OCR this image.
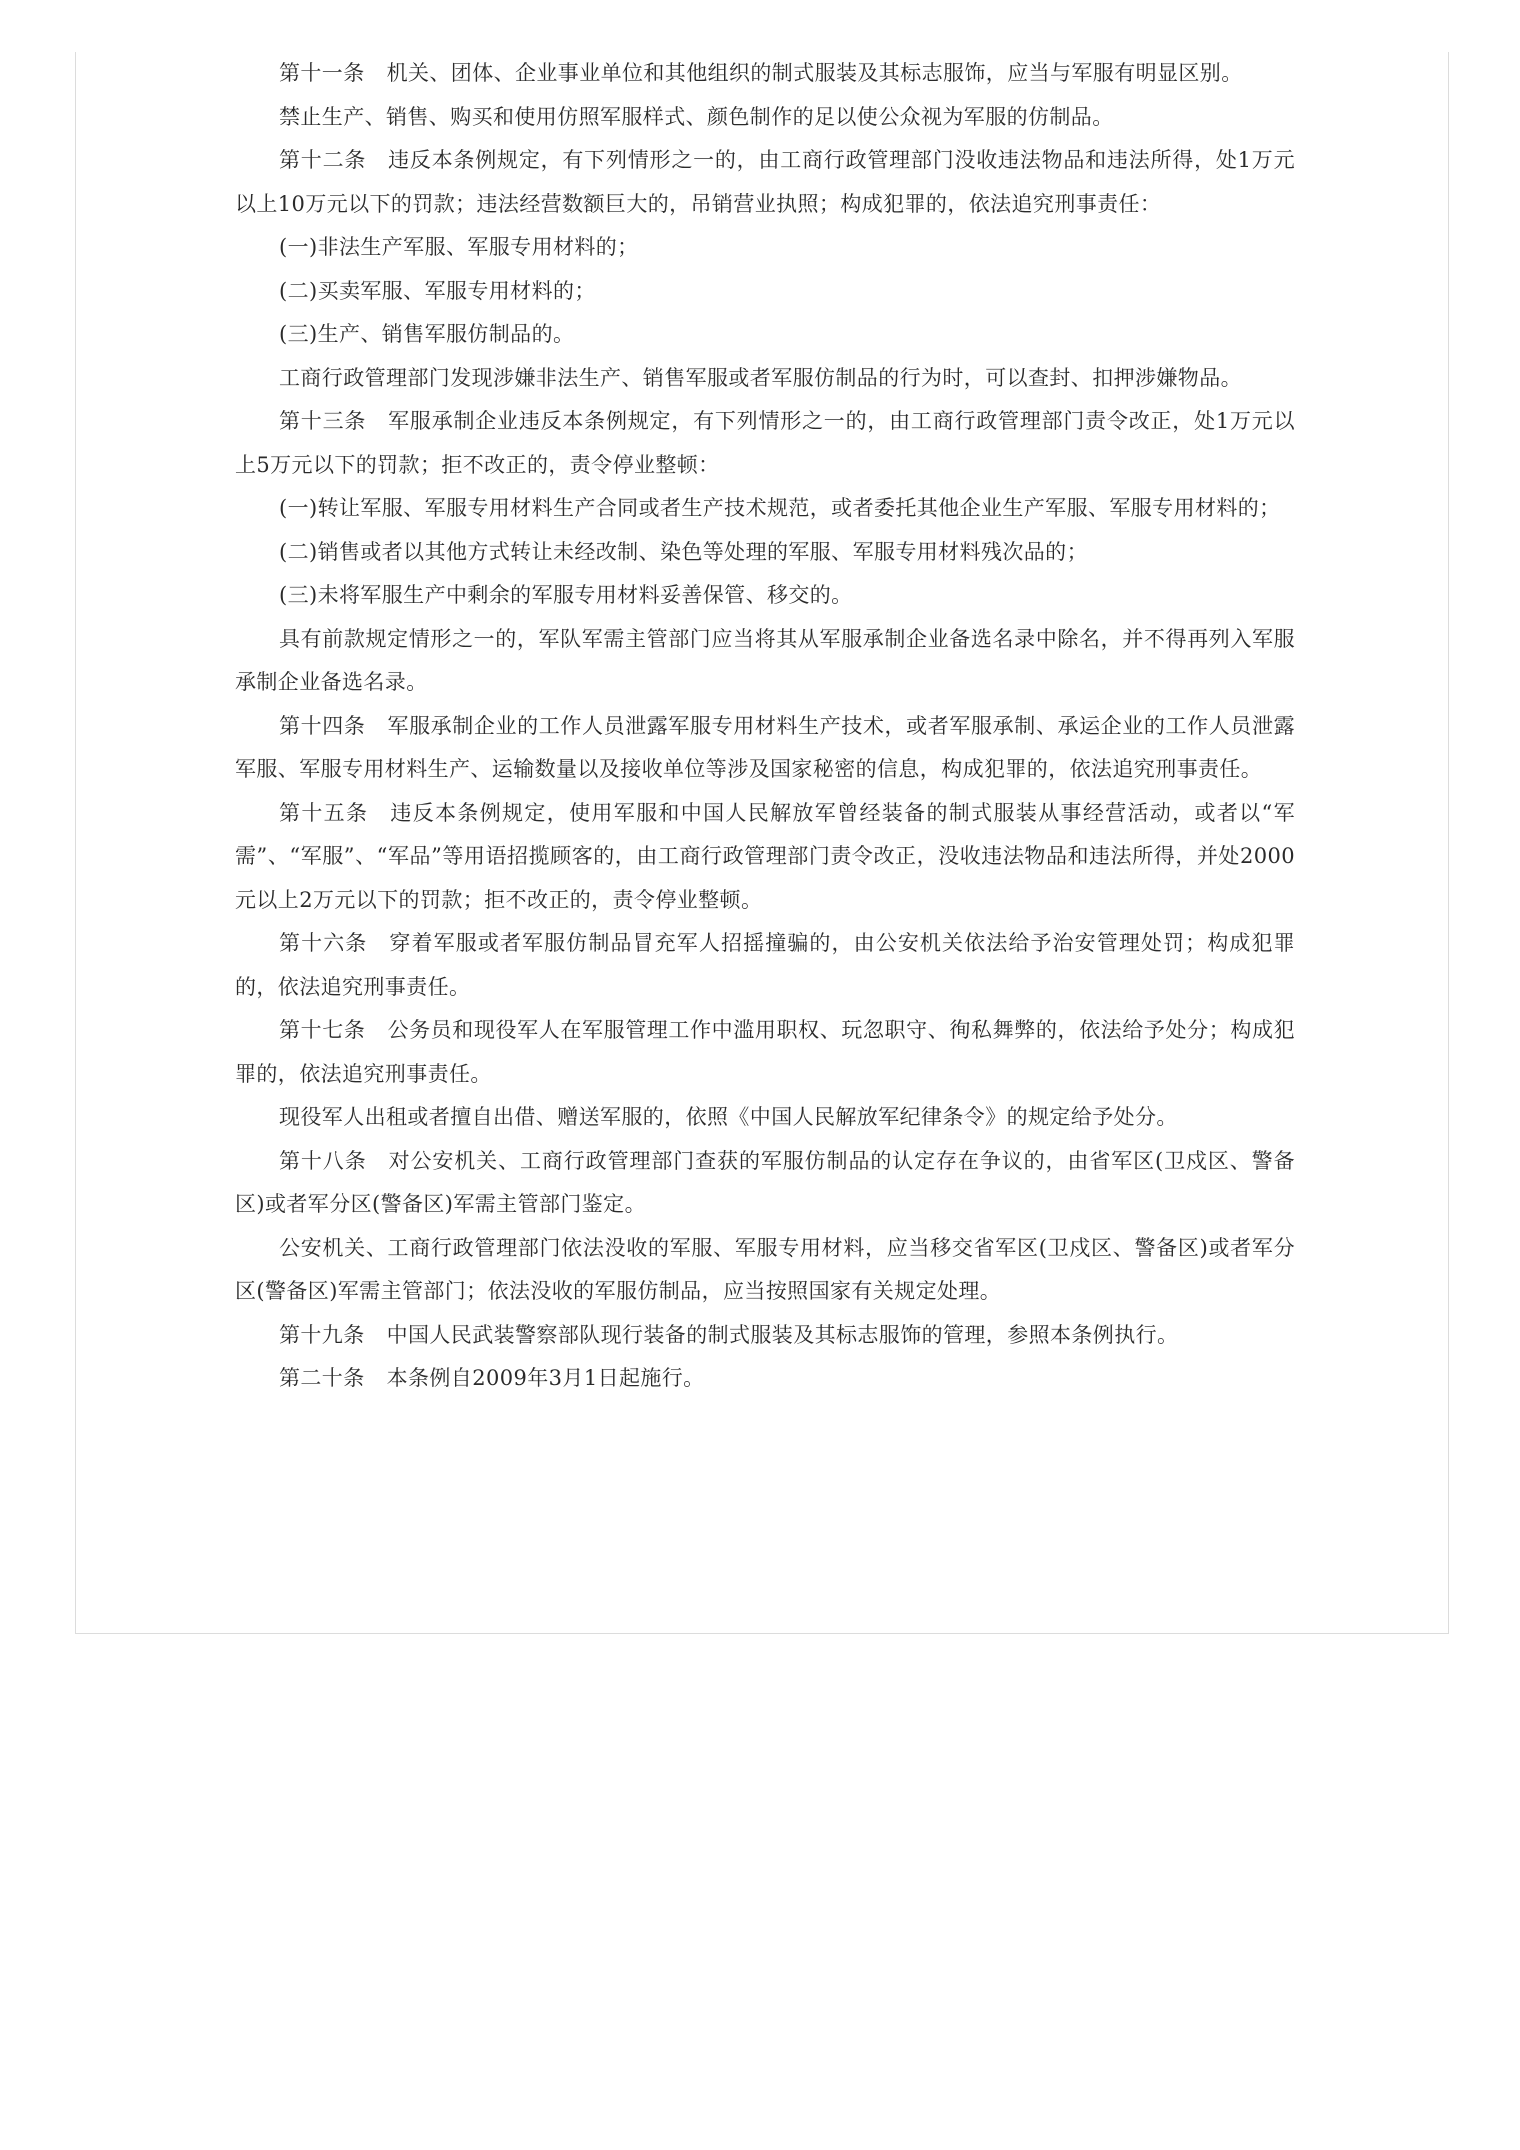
第十一条 机关、团体、企业事业单位和其他组织的制式服装及其标志服饰，应当与军服有明显区别。

禁止生产、销售、购买和使用仿照军服样式、颜色制作的足以使公众视为军服的仿制品。

第十二条 违反本条例规定，有下列情形之一的，由工商行政管理部门没收违法物品和违法所得，处1万元以上10万元以下的罚款；违法经营数额巨大的，吊销营业执照；构成犯罪的，依法追究刑事责任：

(一)非法生产军服、军服专用材料的；

(二)买卖军服、军服专用材料的；

(三)生产、销售军服仿制品的。

工商行政管理部门发现涉嫌非法生产、销售军服或者军服仿制品的行为时，可以查封、扣押涉嫌物品。

第十三条 军服承制企业违反本条例规定，有下列情形之一的，由工商行政管理部门责令改正，处1万元以上5万元以下的罚款；拒不改正的，责令停业整顿：

(一)转让军服、军服专用材料生产合同或者生产技术规范，或者委托其他企业生产军服、军服专用材料的；

(二)销售或者以其他方式转让未经改制、染色等处理的军服、军服专用材料残次品的；

(三)未将军服生产中剩余的军服专用材料妥善保管、移交的。

具有前款规定情形之一的，军队军需主管部门应当将其从军服承制企业备选名录中除名，并不得再列入军服承制企业备选名录。

第十四条 军服承制企业的工作人员泄露军服专用材料生产技术，或者军服承制、承运企业的工作人员泄露军服、军服专用材料生产、运输数量以及接收单位等涉及国家秘密的信息，构成犯罪的，依法追究刑事责任。

第十五条 违反本条例规定，使用军服和中国人民解放军曾经装备的制式服装从事经营活动，或者以“军需”、“军服”、“军品”等用语招揽顾客的，由工商行政管理部门责令改正，没收违法物品和违法所得，并处2000元以上2万元以下的罚款；拒不改正的，责令停业整顿。

第十六条 穿着军服或者军服仿制品冒充军人招摇撞骗的，由公安机关依法给予治安管理处罚；构成犯罪的，依法追究刑事责任。

第十七条 公务员和现役军人在军服管理工作中滥用职权、玩忽职守、徇私舞弊的，依法给予处分；构成犯罪的，依法追究刑事责任。

现役军人出租或者擅自出借、赠送军服的，依照《中国人民解放军纪律条令》的规定给予处分。

第十八条 对公安机关、工商行政管理部门查获的军服仿制品的认定存在争议的，由省军区(卫戍区、警备区)或者军分区(警备区)军需主管部门鉴定。

公安机关、工商行政管理部门依法没收的军服、军服专用材料，应当移交省军区(卫戍区、警备区)或者军分区(警备区)军需主管部门；依法没收的军服仿制品，应当按照国家有关规定处理。

第十九条 中国人民武装警察部队现行装备的制式服装及其标志服饰的管理，参照本条例执行。

第二十条 本条例自2009年3月1日起施行。
